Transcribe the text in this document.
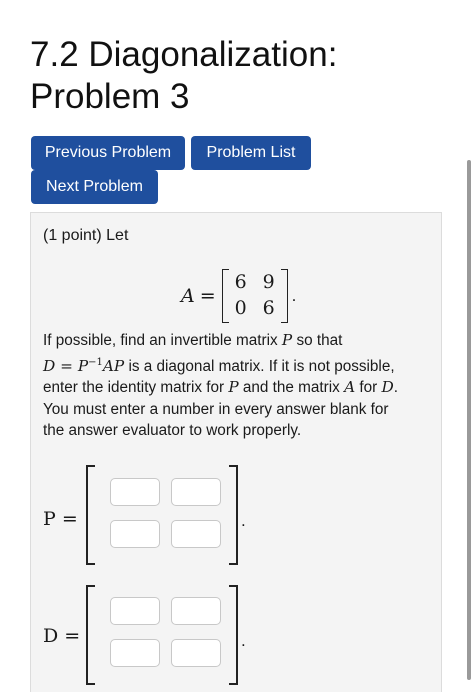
7.2 Diagonalization:
Problem 3
Previous Problem	Problem List
Next Problem
(1 point) Let
A =
6 9
0 6
.

If possible, find an invertible matrix P so that

$D = P^{-1}AP$ is a diagonal matrix. If it is not possible,

enter the identity matrix for P and the matrix A for D.

You must enter a number in every answer blank for

the answer evaluator to work properly.

P =	.
D =	.
